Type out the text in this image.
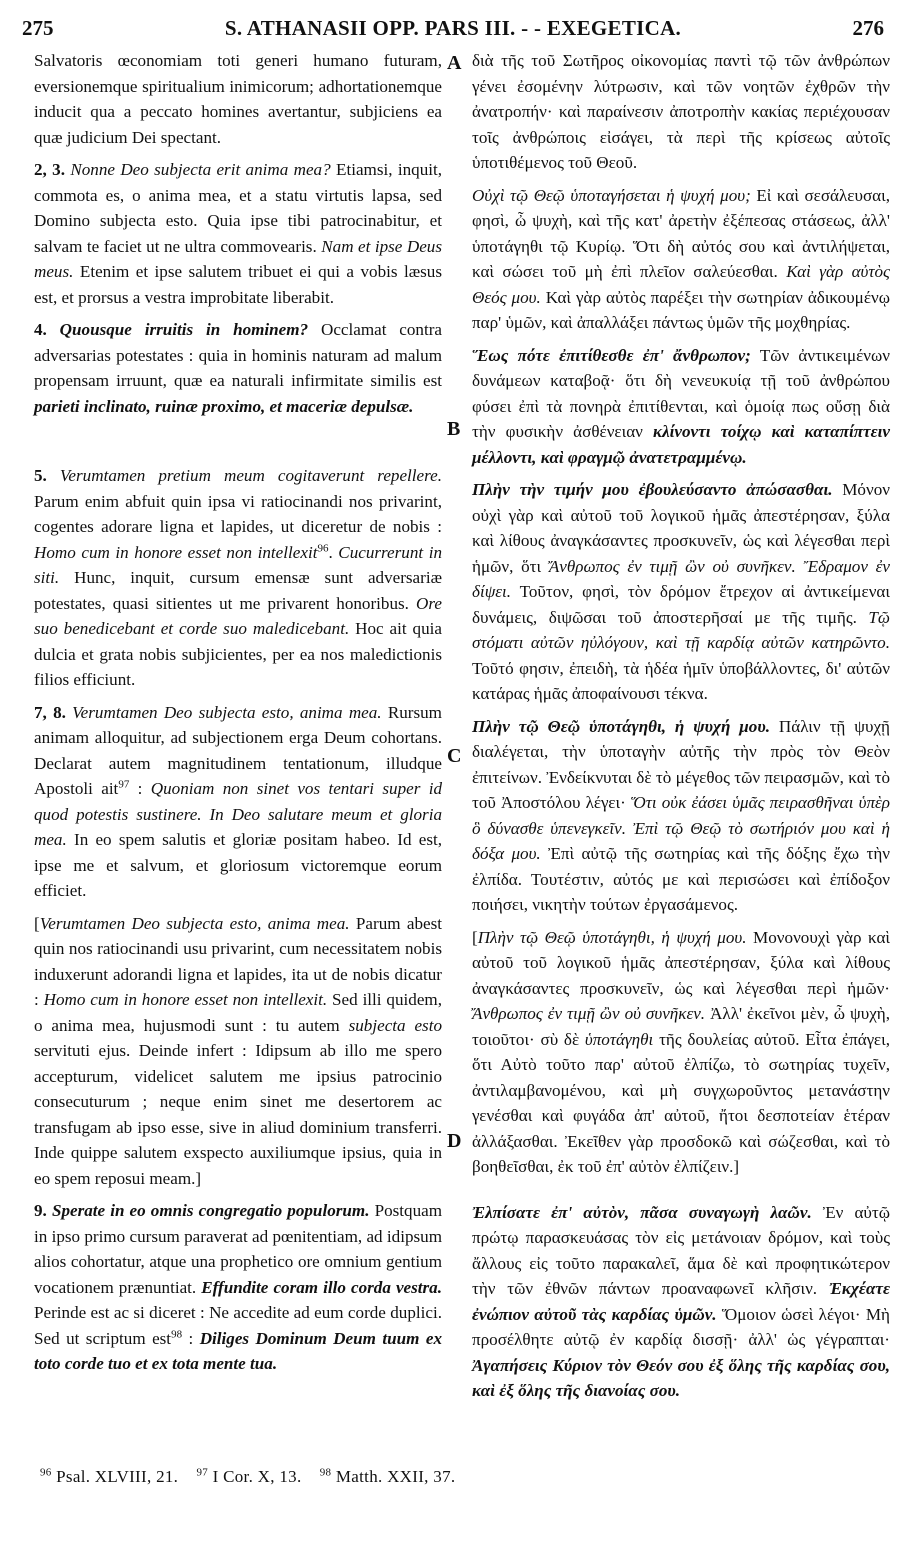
275	S. ATHANASII OPP. PARS III. - - EXEGETICA.	276
A
B
C
D

Salvatoris œconomiam toti generi humano futuram, eversionemque spiritualium inimicorum; adhortationemque inducit qua a peccato homines avertantur, subjiciens ea quæ judicium Dei spectant.

2, 3. Nonne Deo subjecta erit anima mea? Etiamsi, inquit, commota es, o anima mea, et a statu virtutis lapsa, sed Domino subjecta esto. Quia ipse tibi patrocinabitur, et salvam te faciet ut ne ultra commovearis. Nam et ipse Deus meus. Etenim et ipse salutem tribuet ei qui a vobis læsus est, et prorsus a vestra improbitate liberabit.

4. Quousque irruitis in hominem? Occlamat contra adversarias potestates : quia in hominis naturam ad malum propensam irruunt, quæ ea naturali infirmitate similis est parieti inclinato, ruinæ proximo, et maceriæ depulsæ.

5. Verumtamen pretium meum cogitaverunt repellere. Parum enim abfuit quin ipsa vi ratiocinandi nos privarint, cogentes adorare ligna et lapides, ut diceretur de nobis : Homo cum in honore esset non intellexit$^{96}$. Cucurrerunt in siti. Hunc, inquit, cursum emensæ sunt adversariæ potestates, quasi sitientes ut me privarent honoribus. Ore suo benedicebant et corde suo maledicebant. Hoc ait quia dulcia et grata nobis subjicientes, per ea nos maledictionis filios efficiunt.

7, 8. Verumtamen Deo subjecta esto, anima mea. Rursum animam alloquitur, ad subjectionem erga Deum cohortans. Declarat autem magnitudinem tentationum, illudque Apostoli ait$^{97}$ : Quoniam non sinet vos tentari super id quod potestis sustinere. In Deo salutare meum et gloria mea. In eo spem salutis et gloriæ positam habeo. Id est, ipse me et salvum, et gloriosum victoremque eorum efficiet.

[Verumtamen Deo subjecta esto, anima mea. Parum abest quin nos ratiocinandi usu privarint, cum necessitatem nobis induxerunt adorandi ligna et lapides, ita ut de nobis dicatur : Homo cum in honore esset non intellexit. Sed illi quidem, o anima mea, hujusmodi sunt : tu autem subjecta esto servituti ejus. Deinde infert : Idipsum ab illo me spero accepturum, videlicet salutem me ipsius patrocinio consecuturum ; neque enim sinet me desertorem ac transfugam ab ipso esse, sive in aliud dominium transferri. Inde quippe salutem exspecto auxiliumque ipsius, quia in eo spem reposui meam.]

9. Sperate in eo omnis congregatio populorum. Postquam in ipso primo cursum paraverat ad pœnitentiam, ad idipsum alios cohortatur, atque una prophetico ore omnium gentium vocationem prænuntiat. Effundite coram illo corda vestra. Perinde est ac si diceret : Ne accedite ad eum corde duplici. Sed ut scriptum est$^{98}$ : Diliges Dominum Deum tuum ex toto corde tuo et ex tota mente tua.

διὰ τῆς τοῦ Σωτῆρος οἰκονομίας παντὶ τῷ τῶν ἀνθρώπων γένει ἐσομένην λύτρωσιν, καὶ τῶν νοητῶν ἐχθρῶν τὴν ἀνατροπήν· καὶ παραίνεσιν ἀποτροπὴν κακίας περιέχουσαν τοῖς ἀνθρώποις εἰσάγει, τὰ περὶ τῆς κρίσεως αὐτοῖς ὑποτιθέμενος τοῦ Θεοῦ.

Οὐχὶ τῷ Θεῷ ὑποταγήσεται ἡ ψυχή μου; Εἰ καὶ σεσάλευσαι, φησὶ, ὦ ψυχὴ, καὶ τῆς κατ' ἀρετὴν ἐξέπεσας στάσεως, ἀλλ' ὑποτάγηθι τῷ Κυρίῳ. Ὅτι δὴ αὐτός σου καὶ ἀντιλήψεται, καὶ σώσει τοῦ μὴ ἐπὶ πλεῖον σαλεύεσθαι. Καὶ γὰρ αὐτὸς Θεός μου. Καὶ γὰρ αὐτὸς παρέξει τὴν σωτηρίαν ἀδικουμένῳ παρ' ὑμῶν, καὶ ἀπαλλάξει πάντως ὑμῶν τῆς μοχθηρίας.

Ἕως πότε ἐπιτίθεσθε ἐπ' ἄνθρωπον; Τῶν ἀντικειμένων δυνάμεων καταβοᾷ· ὅτι δὴ νενευκυίᾳ τῇ τοῦ ἀνθρώπου φύσει ἐπὶ τὰ πονηρὰ ἐπιτίθενται, καὶ ὁμοίᾳ πως οὔσῃ διὰ τὴν φυσικὴν ἀσθένειαν κλίνοντι τοίχῳ καὶ καταπίπτειν μέλλοντι, καὶ φραγμῷ ἀνατετραμμένῳ.

Πλὴν τὴν τιμήν μου ἐβουλεύσαντο ἀπώσασθαι. Μόνον οὐχὶ γὰρ καὶ αὐτοῦ τοῦ λογικοῦ ἡμᾶς ἀπεστέρησαν, ξύλα καὶ λίθους ἀναγκάσαντες προσκυνεῖν, ὡς καὶ λέγεσθαι περὶ ἡμῶν, ὅτι Ἄνθρωπος ἐν τιμῇ ὢν οὐ συνῆκεν. Ἔδραμον ἐν δίψει. Τοῦτον, φησὶ, τὸν δρόμον ἔτρεχον αἱ ἀντικείμεναι δυνάμεις, διψῶσαι τοῦ ἀποστερῆσαί με τῆς τιμῆς. Τῷ στόματι αὐτῶν ηὐλόγουν, καὶ τῇ καρδίᾳ αὐτῶν κατηρῶντο. Τοῦτό φησιν, ἐπειδὴ, τὰ ἡδέα ἡμῖν ὑποβάλλοντες, δι' αὐτῶν κατάρας ἡμᾶς ἀποφαίνουσι τέκνα.

Πλὴν τῷ Θεῷ ὑποτάγηθι, ἡ ψυχή μου. Πάλιν τῇ ψυχῇ διαλέγεται, τὴν ὑποταγὴν αὐτῆς τὴν πρὸς τὸν Θεὸν ἐπιτείνων. Ἐνδείκνυται δὲ τὸ μέγεθος τῶν πειρασμῶν, καὶ τὸ τοῦ Ἀποστόλου λέγει· Ὅτι οὐκ ἐάσει ὑμᾶς πειρασθῆναι ὑπὲρ ὃ δύνασθε ὑπενεγκεῖν. Ἐπὶ τῷ Θεῷ τὸ σωτήριόν μου καὶ ἡ δόξα μου. Ἐπὶ αὐτῷ τῆς σωτηρίας καὶ τῆς δόξης ἔχω τὴν ἐλπίδα. Τουτέστιν, αὐτός με καὶ περισώσει καὶ ἐπίδοξον ποιήσει, νικητὴν τούτων ἐργασάμενος.

[Πλὴν τῷ Θεῷ ὑποτάγηθι, ἡ ψυχή μου. Μονονουχὶ γὰρ καὶ αὐτοῦ τοῦ λογικοῦ ἡμᾶς ἀπεστέρησαν, ξύλα καὶ λίθους ἀναγκάσαντες προσκυνεῖν, ὡς καὶ λέγεσθαι περὶ ἡμῶν· Ἄνθρωπος ἐν τιμῇ ὢν οὐ συνῆκεν. Ἀλλ' ἐκεῖνοι μὲν, ὦ ψυχὴ, τοιοῦτοι· σὺ δὲ ὑποτάγηθι τῆς δουλείας αὐτοῦ. Εἶτα ἐπάγει, ὅτι Αὐτὸ τοῦτο παρ' αὐτοῦ ἐλπίζω, τὸ σωτηρίας τυχεῖν, ἀντιλαμβανομένου, καὶ μὴ συγχωροῦντος μετανάστην γενέσθαι καὶ φυγάδα ἀπ' αὐτοῦ, ἤτοι δεσποτείαν ἑτέραν ἀλλάξασθαι. Ἐκεῖθεν γὰρ προσδοκῶ καὶ σώζεσθαι, καὶ τὸ βοηθεῖσθαι, ἐκ τοῦ ἐπ' αὐτὸν ἐλπίζειν.]

Ἐλπίσατε ἐπ' αὐτὸν, πᾶσα συναγωγὴ λαῶν. Ἐν αὐτῷ πρώτῳ παρασκευάσας τὸν εἰς μετάνοιαν δρόμον, καὶ τοὺς ἄλλους εἰς τοῦτο παρακαλεῖ, ἅμα δὲ καὶ προφητικώτερον τὴν τῶν ἐθνῶν πάντων προαναφωνεῖ κλῆσιν. Ἐκχέατε ἐνώπιον αὐτοῦ τὰς καρδίας ὑμῶν. Ὅμοιον ὡσεὶ λέγοι· Μὴ προσέλθητε αὐτῷ ἐν καρδίᾳ δισσῇ· ἀλλ' ὡς γέγραπται· Ἀγαπήσεις Κύριον τὸν Θεόν σου ἐξ ὅλης τῆς καρδίας σου, καὶ ἐξ ὅλης τῆς διανοίας σου.

$^{96}$ Psal. XLVIII, 21. $^{97}$ I Cor. X, 13. $^{98}$ Matth. XXII, 37.
